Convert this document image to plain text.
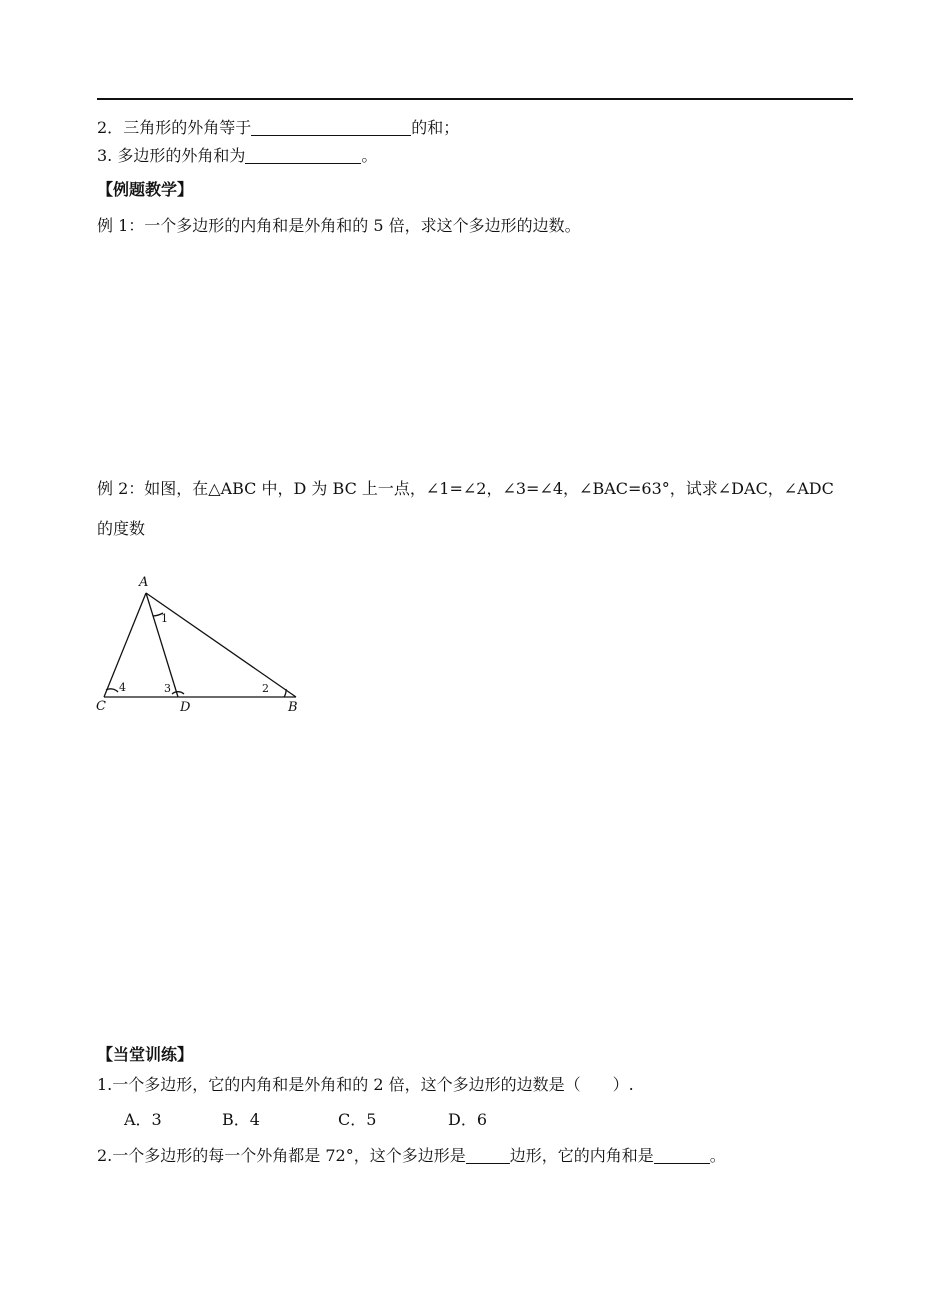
2．三角形的外角等于	的和；
3. 多边形的外角和为	。
【例题教学】
例 1：一个多边形的内角和是外角和的 5 倍，求这个多边形的边数。
例 2：如图，在△ABC 中，D 为 BC 上一点，∠1=∠2，∠3=∠4，∠BAC=63°，试求∠DAC，∠ADC
的度数
A
C	D	B
1
2
3
4
【当堂训练】
1.一个多边形，它的内角和是外角和的 2 倍，这个多边形的边数是（　　）.
A．3	B．4	C．5	D．6
2.一个多边形的每一个外角都是 72°，这个多边形是	边形，它的内角和是	。
